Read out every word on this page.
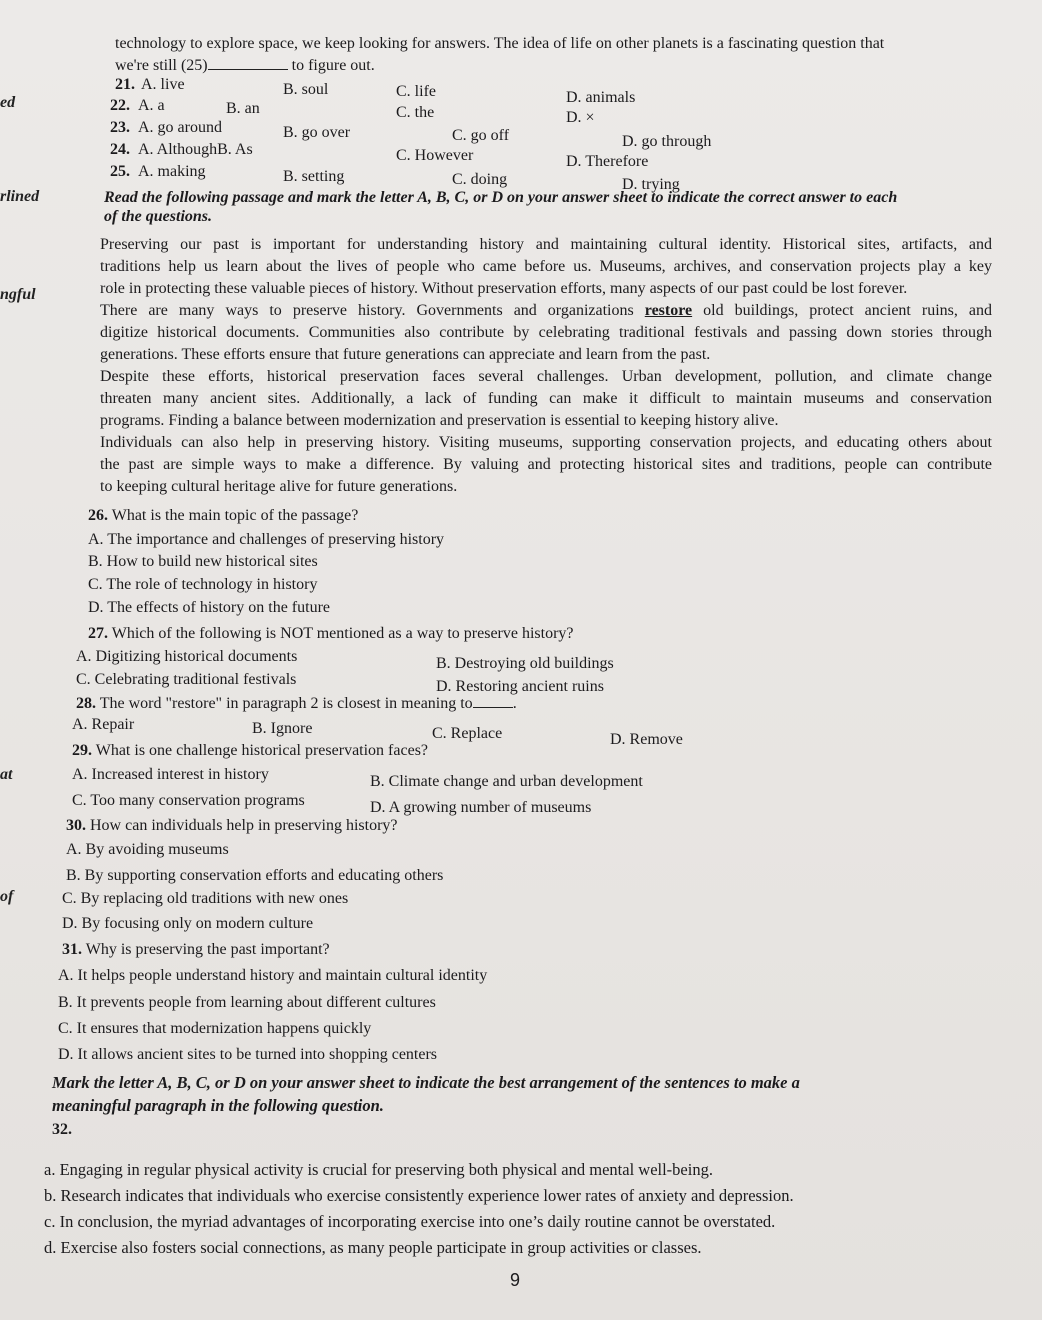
technology to explore space, we keep looking for answers. The idea of life on other planets is a fascinating question that
we're still (25)	to figure out.
ed
rlined
ngful
at
of
21. A. live	B. soul	C. life	D. animals
22. A. a	B. an	C. the	D. ×
23. A. go around	B. go over	C. go off	D. go through
24. A. AlthoughB. As	C. However	D. Therefore
25. A. making	B. setting	C. doing	D. trying
Read the following passage and mark the letter A, B, C, or D on your answer sheet to indicate the correct answer to each
of the questions.
Preserving our past is important for understanding history and maintaining cultural identity. Historical sites, artifacts, and
traditions help us learn about the lives of people who came before us. Museums, archives, and conservation projects play a key
role in protecting these valuable pieces of history. Without preservation efforts, many aspects of our past could be lost forever.
There are many ways to preserve history. Governments and organizations restore old buildings, protect ancient ruins, and
digitize historical documents. Communities also contribute by celebrating traditional festivals and passing down stories through
generations. These efforts ensure that future generations can appreciate and learn from the past.
Despite these efforts, historical preservation faces several challenges. Urban development, pollution, and climate change
threaten many ancient sites. Additionally, a lack of funding can make it difficult to maintain museums and conservation
programs. Finding a balance between modernization and preservation is essential to keeping history alive.
Individuals can also help in preserving history. Visiting museums, supporting conservation projects, and educating others about
the past are simple ways to make a difference. By valuing and protecting historical sites and traditions, people can contribute
to keeping cultural heritage alive for future generations.
26. What is the main topic of the passage?
A. The importance and challenges of preserving history
B. How to build new historical sites
C. The role of technology in history
D. The effects of history on the future
27. Which of the following is NOT mentioned as a way to preserve history?
A. Digitizing historical documents	B. Destroying old buildings
C. Celebrating traditional festivals	D. Restoring ancient ruins
28. The word "restore" in paragraph 2 is closest in meaning to	.
A. Repair	B. Ignore	C. Replace	D. Remove
29. What is one challenge historical preservation faces?
A. Increased interest in history	B. Climate change and urban development
C. Too many conservation programs	D. A growing number of museums
30. How can individuals help in preserving history?
A. By avoiding museums
B. By supporting conservation efforts and educating others
C. By replacing old traditions with new ones
D. By focusing only on modern culture
31. Why is preserving the past important?
A. It helps people understand history and maintain cultural identity
B. It prevents people from learning about different cultures
C. It ensures that modernization happens quickly
D. It allows ancient sites to be turned into shopping centers
Mark the letter A, B, C, or D on your answer sheet to indicate the best arrangement of the sentences to make a
meaningful paragraph in the following question.
32.
a. Engaging in regular physical activity is crucial for preserving both physical and mental well-being.
b. Research indicates that individuals who exercise consistently experience lower rates of anxiety and depression.
c. In conclusion, the myriad advantages of incorporating exercise into one’s daily routine cannot be overstated.
d. Exercise also fosters social connections, as many people participate in group activities or classes.
9
